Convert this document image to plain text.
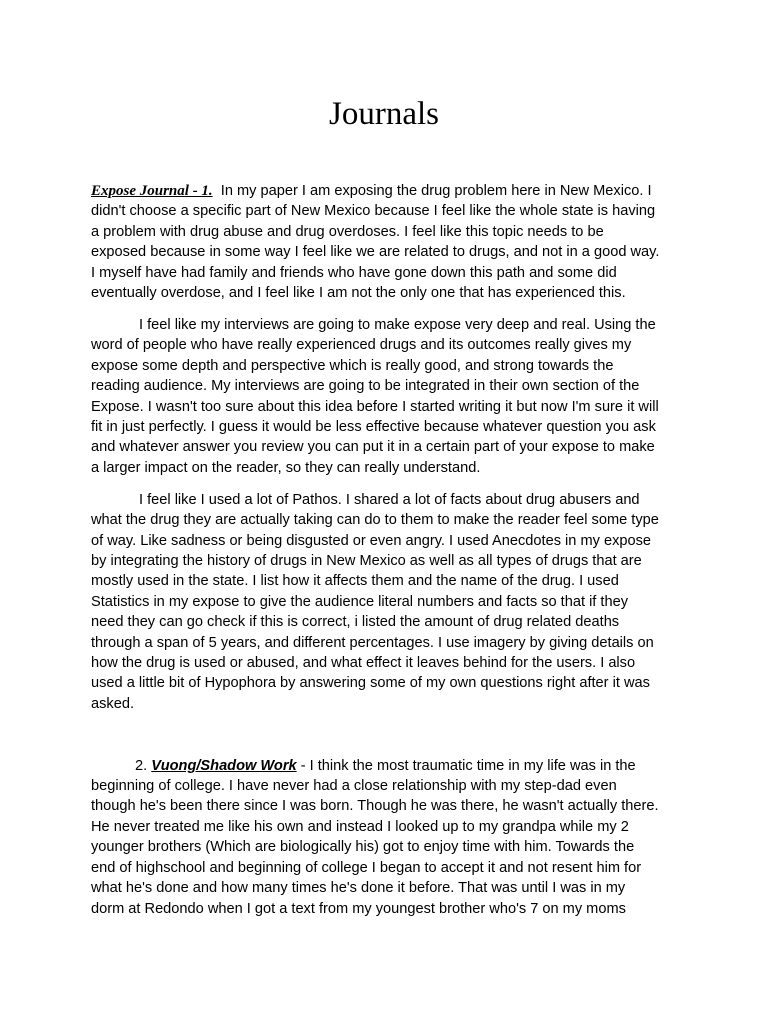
Journals

Expose Journal - 1. In my paper I am exposing the drug problem here in New Mexico. I
didn't choose a specific part of New Mexico because I feel like the whole state is having
a problem with drug abuse and drug overdoses. I feel like this topic needs to be
exposed because in some way I feel like we are related to drugs, and not in a good way.
I myself have had family and friends who have gone down this path and some did
eventually overdose, and I feel like I am not the only one that has experienced this.

I feel like my interviews are going to make expose very deep and real. Using the
word of people who have really experienced drugs and its outcomes really gives my
expose some depth and perspective which is really good, and strong towards the
reading audience. My interviews are going to be integrated in their own section of the
Expose. I wasn't too sure about this idea before I started writing it but now I'm sure it will
fit in just perfectly. I guess it would be less effective because whatever question you ask
and whatever answer you review you can put it in a certain part of your expose to make
a larger impact on the reader, so they can really understand.

I feel like I used a lot of Pathos. I shared a lot of facts about drug abusers and
what the drug they are actually taking can do to them to make the reader feel some type
of way. Like sadness or being disgusted or even angry. I used Anecdotes in my expose
by integrating the history of drugs in New Mexico as well as all types of drugs that are
mostly used in the state. I list how it affects them and the name of the drug. I used
Statistics in my expose to give the audience literal numbers and facts so that if they
need they can go check if this is correct, i listed the amount of drug related deaths
through a span of 5 years, and different percentages. I use imagery by giving details on
how the drug is used or abused, and what effect it leaves behind for the users. I also
used a little bit of Hypophora by answering some of my own questions right after it was
asked.

2. Vuong/Shadow Work - I think the most traumatic time in my life was in the
beginning of college. I have never had a close relationship with my step-dad even
though he's been there since I was born. Though he was there, he wasn't actually there.
He never treated me like his own and instead I looked up to my grandpa while my 2
younger brothers (Which are biologically his) got to enjoy time with him. Towards the
end of highschool and beginning of college I began to accept it and not resent him for
what he's done and how many times he's done it before. That was until I was in my
dorm at Redondo when I got a text from my youngest brother who's 7 on my moms
